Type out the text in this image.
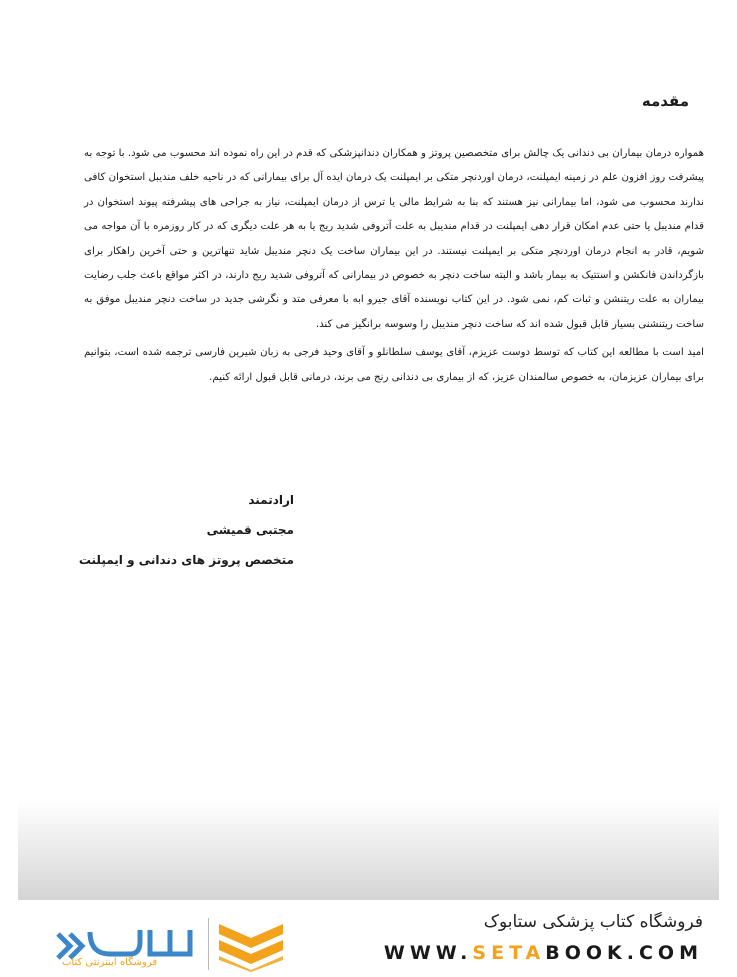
مقدمه

همواره درمان بیماران بی دندانی یک چالش برای متخصصین پروتز و همکاران دندانپزشکی که قدم در این راه نموده اند محسوب می شود. با توجه به پیشرفت روز افزون علم در زمینه ایمپلنت، درمان اوردنچر متکی بر ایمپلنت یک درمان ایده آل برای بیمارانی که در ناحیه خلف مندیبل استخوان کافی ندارند محسوب می شود، اما بیمارانی نیز هستند که بنا به شرایط مالی یا ترس از درمان ایمپلنت، نیاز به جراحی های پیشرفته پیوند استخوان در قدام مندیبل یا حتی عدم امکان قرار دهی ایمپلنت در قدام مندیبل به علت آتروفی شدید ریج یا به هر علت دیگری که در کار روزمره با آن مواجه می شویم، قادر به انجام درمان اوردنچر متکی بر ایمپلنت نیستند. در این بیماران ساخت یک دنچر مندیبل شاید تنهاترین و حتی آخرین راهکار برای بازگرداندن فانکشن و استتیک به بیمار باشد و البته ساخت دنچر به خصوص در بیمارانی که آتروفی شدید ریج دارند، در اکثر مواقع باعث جلب رضایت بیماران به علت ریتنشن و ثبات کم، نمی شود. در این کتاب نویسنده آقای جیرو ابه با معرفی متد و نگرشی جدید در ساخت دنچر مندیبل موفق به ساخت ریتنشنی بسیار قابل قبول شده اند که ساخت دنچر مندیبل را وسوسه برانگیز می کند.

امید است با مطالعه این کتاب که توسط دوست عزیزم، آقای یوسف سلطانلو و آقای وحید فرجی به زبان شیرین فارسی ترجمه شده است، بتوانیم برای بیماران عزیزمان، به خصوص سالمندان عزیز، که از بیماری بی دندانی رنج می برند، درمانی قابل قبول ارائه کنیم.

ارادتمند
مجتبی قمیشی
متخصص پروتز های دندانی و ایمپلنت
فروشگاه کتاب پزشکی ستابوک
WWW.SETABOOK.COM
فروشگاه اینترنتی کتاب
